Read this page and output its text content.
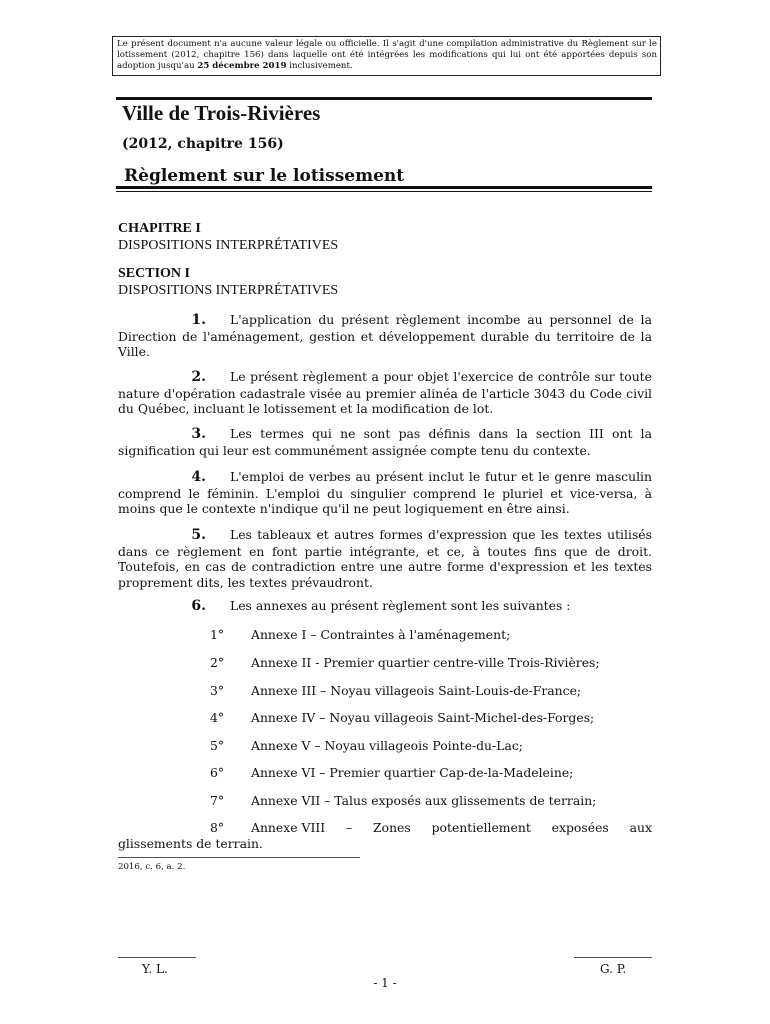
Le présent document n'a aucune valeur légale ou officielle. Il s'agit d'une compilation administrative du Règlement sur le lotissement (2012, chapitre 156) dans laquelle ont été intégrées les modifications qui lui ont été apportées depuis son adoption jusqu'au 25 décembre 2019 inclusivement.
Ville de Trois-Rivières
(2012, chapitre 156)
Règlement sur le lotissement
CHAPITRE I
DISPOSITIONS INTERPRÉTATIVES
SECTION I
DISPOSITIONS INTERPRÉTATIVES
1. L'application du présent règlement incombe au personnel de la Direction de l'aménagement, gestion et développement durable du territoire de la Ville.
2. Le présent règlement a pour objet l'exercice de contrôle sur toute nature d'opération cadastrale visée au premier alinéa de l'article 3043 du Code civil du Québec, incluant le lotissement et la modification de lot.
3. Les termes qui ne sont pas définis dans la section III ont la signification qui leur est communément assignée compte tenu du contexte.
4. L'emploi de verbes au présent inclut le futur et le genre masculin comprend le féminin. L'emploi du singulier comprend le pluriel et vice-versa, à moins que le contexte n'indique qu'il ne peut logiquement en être ainsi.
5. Les tableaux et autres formes d'expression que les textes utilisés dans ce règlement en font partie intégrante, et ce, à toutes fins que de droit. Toutefois, en cas de contradiction entre une autre forme d'expression et les textes proprement dits, les textes prévaudront.
6. Les annexes au présent règlement sont les suivantes :
1° Annexe I – Contraintes à l'aménagement;
2° Annexe II - Premier quartier centre-ville Trois-Rivières;
3° Annexe III – Noyau villageois Saint-Louis-de-France;
4° Annexe IV – Noyau villageois Saint-Michel-des-Forges;
5° Annexe V – Noyau villageois Pointe-du-Lac;
6° Annexe VI – Premier quartier Cap-de-la-Madeleine;
7° Annexe VII – Talus exposés aux glissements de terrain;
8°	Annexe VIII – Zones potentiellement exposées aux
glissements de terrain.
2016, c. 6, a. 2.
Y. L.	G. P.
- 1 -
